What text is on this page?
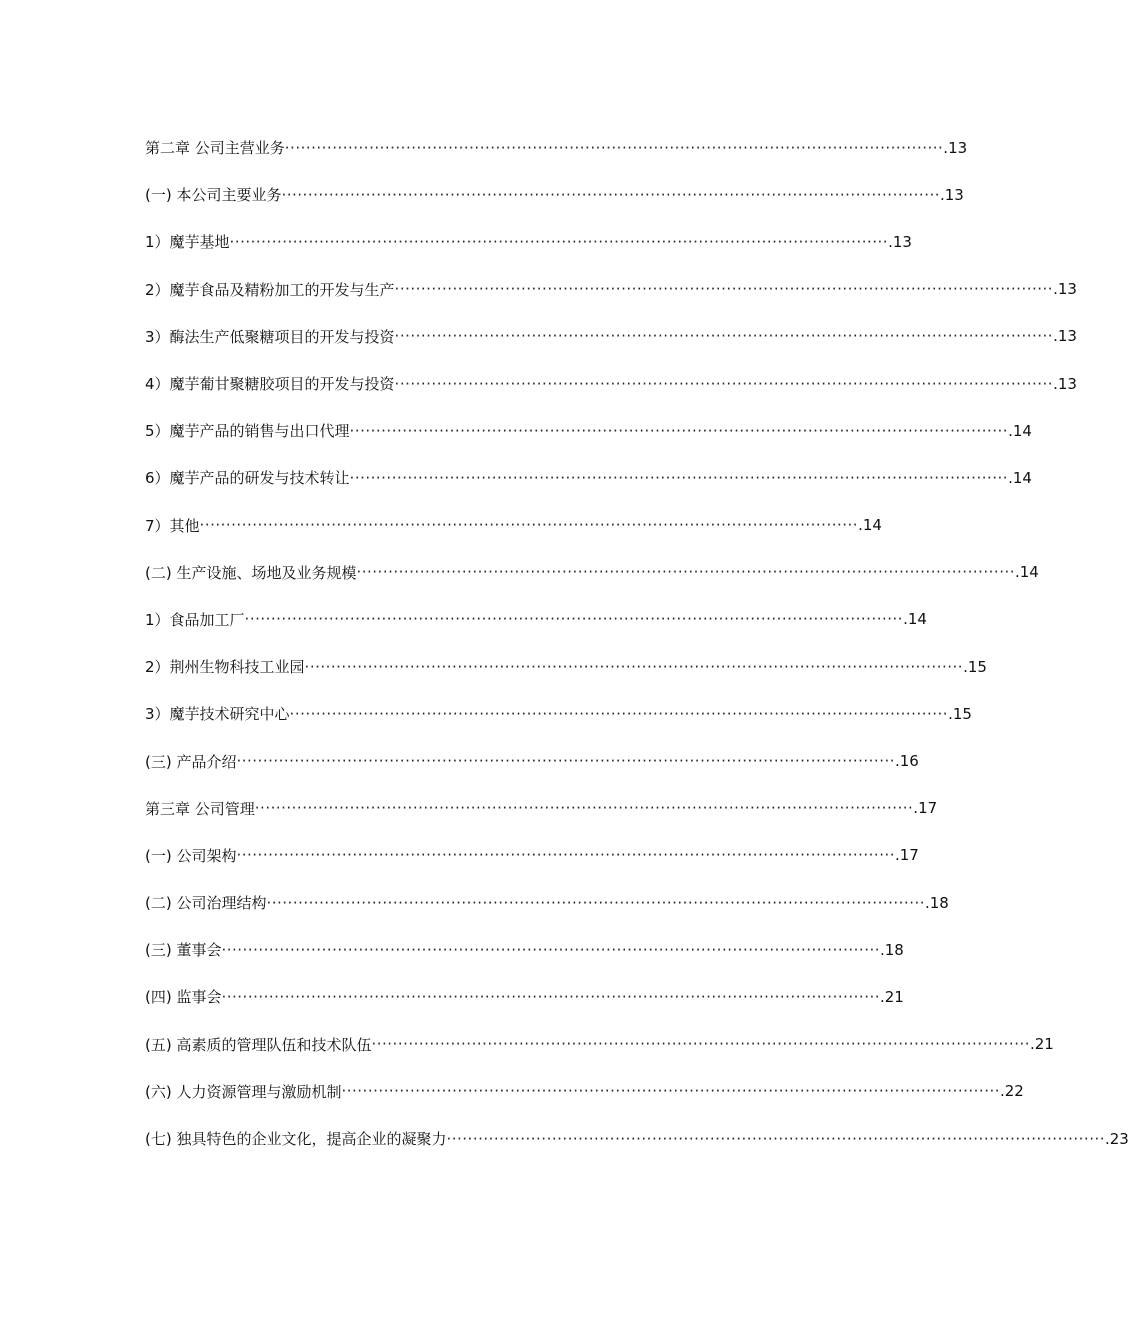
第二章 公司主营业务 ····························································································································· .13
(一) 本公司主要业务 ····························································································································· .13
1）魔芋基地 ····························································································································· .13
2）魔芋食品及精粉加工的开发与生产 ····························································································································· .13
3）酶法生产低聚糖项目的开发与投资 ····························································································································· .13
4）魔芋葡甘聚糖胶项目的开发与投资 ····························································································································· .13
5）魔芋产品的销售与出口代理 ····························································································································· .14
6）魔芋产品的研发与技术转让 ····························································································································· .14
7）其他 ····························································································································· .14
(二) 生产设施、场地及业务规模 ····························································································································· .14
1）食品加工厂 ····························································································································· .14
2）荆州生物科技工业园 ····························································································································· .15
3）魔芋技术研究中心 ····························································································································· .15
(三) 产品介绍 ····························································································································· .16
第三章 公司管理 ····························································································································· .17
(一) 公司架构 ····························································································································· .17
(二) 公司治理结构 ····························································································································· .18
(三) 董事会 ····························································································································· .18
(四) 监事会 ····························································································································· .21
(五) 高素质的管理队伍和技术队伍 ····························································································································· .21
(六) 人力资源管理与激励机制 ····························································································································· .22
(七) 独具特色的企业文化，提高企业的凝聚力 ····························································································································· .23
